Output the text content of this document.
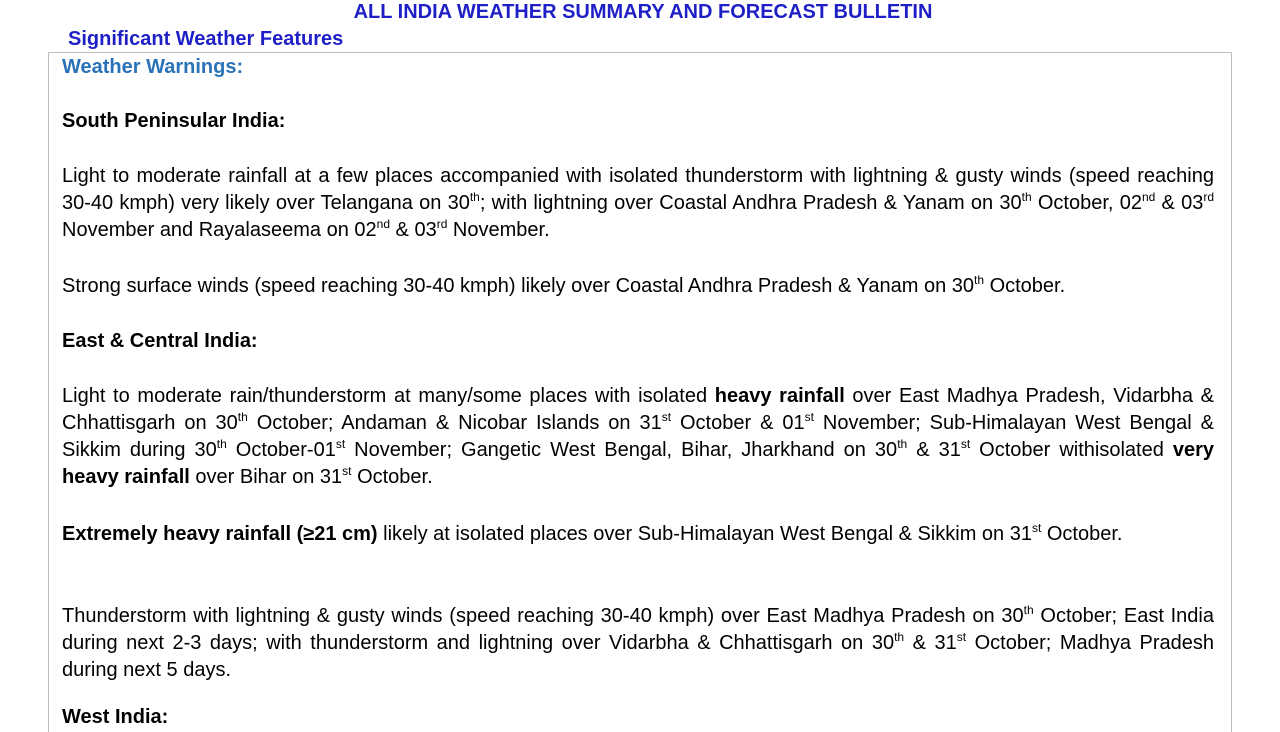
ALL INDIA WEATHER SUMMARY AND FORECAST BULLETIN
Significant Weather Features
Weather Warnings:
South Peninsular India:
Light to moderate rainfall at a few places accompanied with isolated thunderstorm with lightning & gusty winds (speed reaching 30-40 kmph) very likely over Telangana on 30th; with lightning over Coastal Andhra Pradesh & Yanam on 30th October, 02nd & 03rd November and Rayalaseema on 02nd & 03rd November.
Strong surface winds (speed reaching 30-40 kmph) likely over Coastal Andhra Pradesh & Yanam on 30th October.
East & Central India:
Light to moderate rain/thunderstorm at many/some places with isolated heavy rainfall over East Madhya Pradesh, Vidarbha & Chhattisgarh on 30th October; Andaman & Nicobar Islands on 31st October & 01st November; Sub-Himalayan West Bengal & Sikkim during 30th October-01st November; Gangetic West Bengal, Bihar, Jharkhand on 30th & 31st October withisolated very heavy rainfall over Bihar on 31st October.
Extremely heavy rainfall (≥21 cm) likely at isolated places over Sub-Himalayan West Bengal & Sikkim on 31st October.
Thunderstorm with lightning & gusty winds (speed reaching 30-40 kmph) over East Madhya Pradesh on 30th October; East India during next 2-3 days; with thunderstorm and lightning over Vidarbha & Chhattisgarh on 30th & 31st October; Madhya Pradesh during next 5 days.
West India:
